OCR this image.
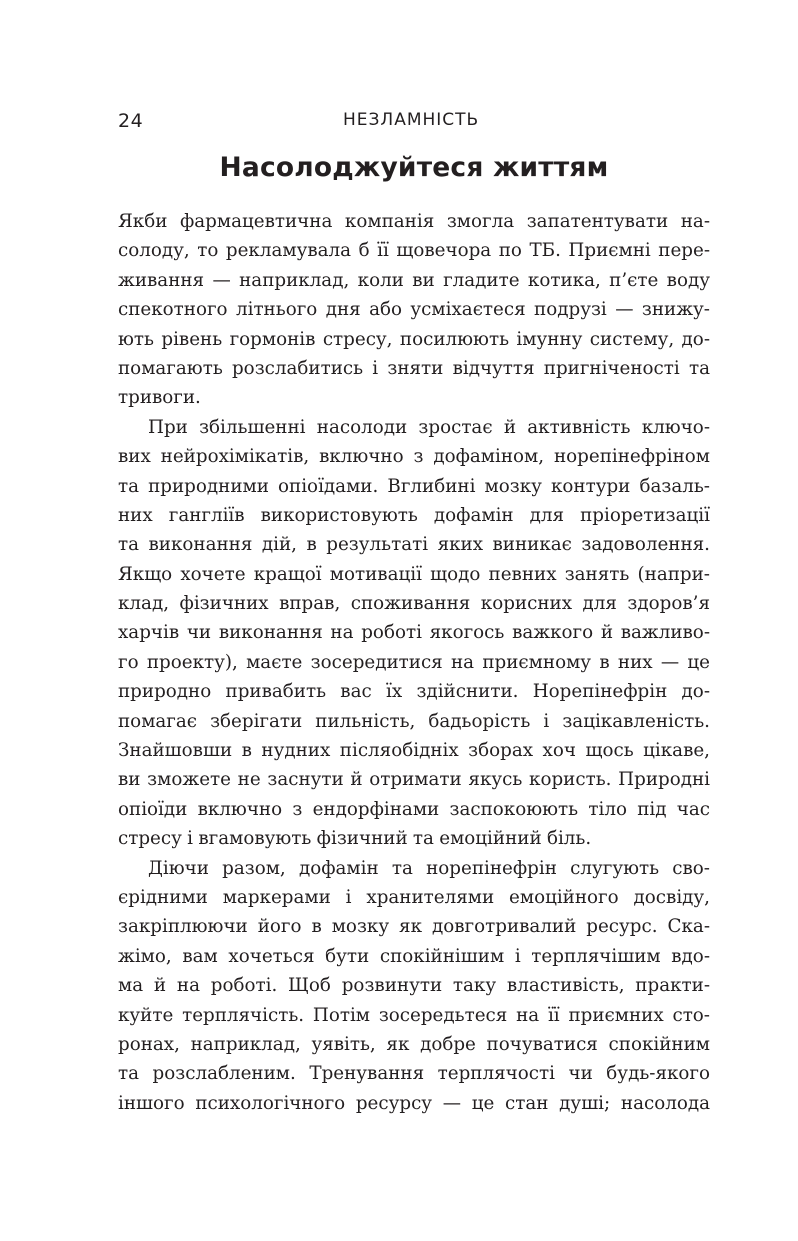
24	НЕЗЛАМНІСТЬ
Насолоджуйтеся життям
Якби фармацевтична компанія змогла запатентувати на-
солоду, то рекламувала б її щовечора по ТБ. Приємні пере-
живання — наприклад, коли ви гладите котика, п’єте воду
спекотного літнього дня або усміхаєтеся подрузі — знижу-
ють рівень гормонів стресу, посилюють імунну систему, до-
помагають розслабитись і зняти відчуття пригніченості та
тривоги.
При збільшенні насолоди зростає й активність ключо-
вих нейрохімікатів, включно з дофаміном, норепінефріном
та природними опіоїдами. Вглибині мозку контури базаль-
них гангліїв використовують дофамін для пріоретизації
та виконання дій, в результаті яких виникає задоволення.
Якщо хочете кращої мотивації щодо певних занять (напри-
клад, фізичних вправ, споживання корисних для здоров’я
харчів чи виконання на роботі якогось важкого й важливо-
го проекту), маєте зосередитися на приємному в них — це
природно привабить вас їх здійснити. Норепінефрін до-
помагає зберігати пильність, бадьорість і зацікавленість.
Знайшовши в нудних післяобідніх зборах хоч щось цікаве,
ви зможете не заснути й отримати якусь користь. Природні
опіоїди включно з ендорфінами заспокоюють тіло під час
стресу і вгамовують фізичний та емоційний біль.
Діючи разом, дофамін та норепінефрін слугують сво-
єрідними маркерами і хранителями емоційного досвіду,
закріплюючи його в мозку як довготривалий ресурс. Ска-
жімо, вам хочеться бути спокійнішим і терплячішим вдо-
ма й на роботі. Щоб розвинути таку властивість, практи-
куйте терплячість. Потім зосередьтеся на її приємних сто-
ронах, наприклад, уявіть, як добре почуватися спокійним
та розслабленим. Тренування терплячості чи будь-якого
іншого психологічного ресурсу — це стан душі; насолода
